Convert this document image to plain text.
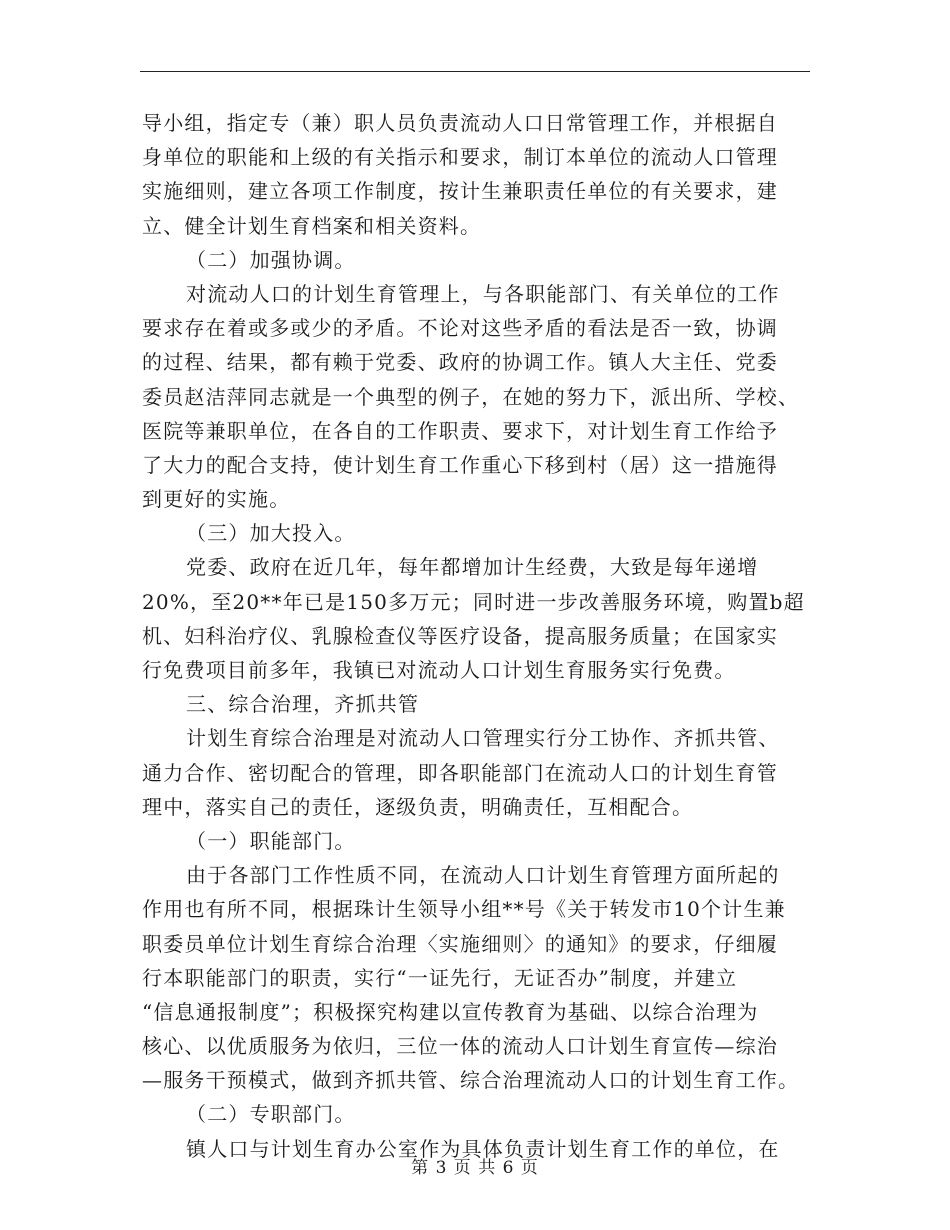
导小组，指定专（兼）职人员负责流动人口日常管理工作，并根据自
身单位的职能和上级的有关指示和要求，制订本单位的流动人口管理
实施细则，建立各项工作制度，按计生兼职责任单位的有关要求，建
立、健全计划生育档案和相关资料。
（二）加强协调。
对流动人口的计划生育管理上，与各职能部门、有关单位的工作
要求存在着或多或少的矛盾。不论对这些矛盾的看法是否一致，协调
的过程、结果，都有赖于党委、政府的协调工作。镇人大主任、党委
委员赵洁萍同志就是一个典型的例子，在她的努力下，派出所、学校、
医院等兼职单位，在各自的工作职责、要求下，对计划生育工作给予
了大力的配合支持，使计划生育工作重心下移到村（居）这一措施得
到更好的实施。
（三）加大投入。
党委、政府在近几年，每年都增加计生经费，大致是每年递增
20%，至20**年已是150多万元；同时进一步改善服务环境，购置b超
机、妇科治疗仪、乳腺检查仪等医疗设备，提高服务质量；在国家实
行免费项目前多年，我镇已对流动人口计划生育服务实行免费。
三、综合治理，齐抓共管
计划生育综合治理是对流动人口管理实行分工协作、齐抓共管、
通力合作、密切配合的管理，即各职能部门在流动人口的计划生育管
理中，落实自己的责任，逐级负责，明确责任，互相配合。
（一）职能部门。
由于各部门工作性质不同，在流动人口计划生育管理方面所起的
作用也有所不同，根据珠计生领导小组**号《关于转发市10个计生兼
职委员单位计划生育综合治理〈实施细则〉的通知》的要求，仔细履
行本职能部门的职责，实行“一证先行，无证否办”制度，并建立
“信息通报制度”；积极探究构建以宣传教育为基础、以综合治理为
核心、以优质服务为依归，三位一体的流动人口计划生育宣传—综治
—服务干预模式，做到齐抓共管、综合治理流动人口的计划生育工作。
（二）专职部门。
镇人口与计划生育办公室作为具体负责计划生育工作的单位，在
第 3 页 共 6 页
